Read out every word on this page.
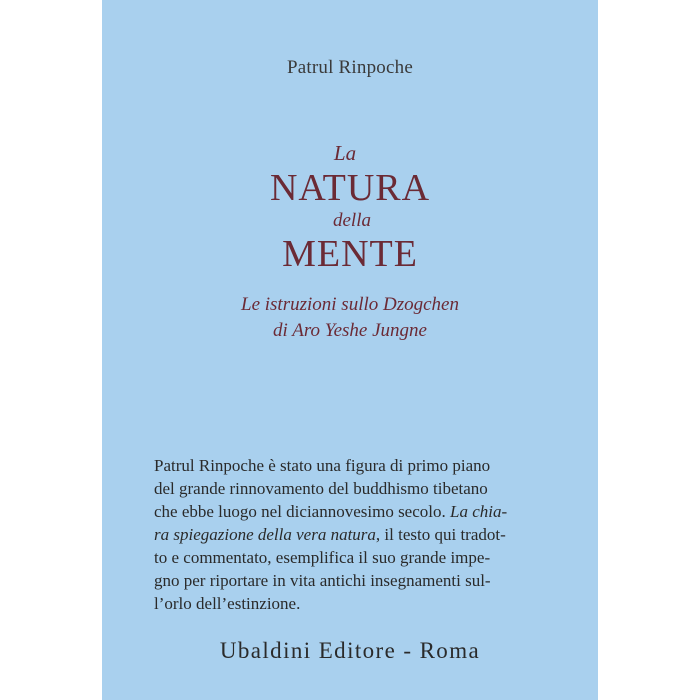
Patrul Rinpoche
La
NATURA
della
MENTE
Le istruzioni sullo Dzogchen
di Aro Yeshe Jungne
Ubaldini Editore - Roma
Patrul Rinpoche è stato una figura di primo piano
del grande rinnovamento del buddhismo tibetano
che ebbe luogo nel diciannovesimo secolo. La chia-
ra spiegazione della vera natura, il testo qui tradot-
to e commentato, esemplifica il suo grande impe-
gno per riportare in vita antichi insegnamenti sul-
l’orlo dell’estinzione.
